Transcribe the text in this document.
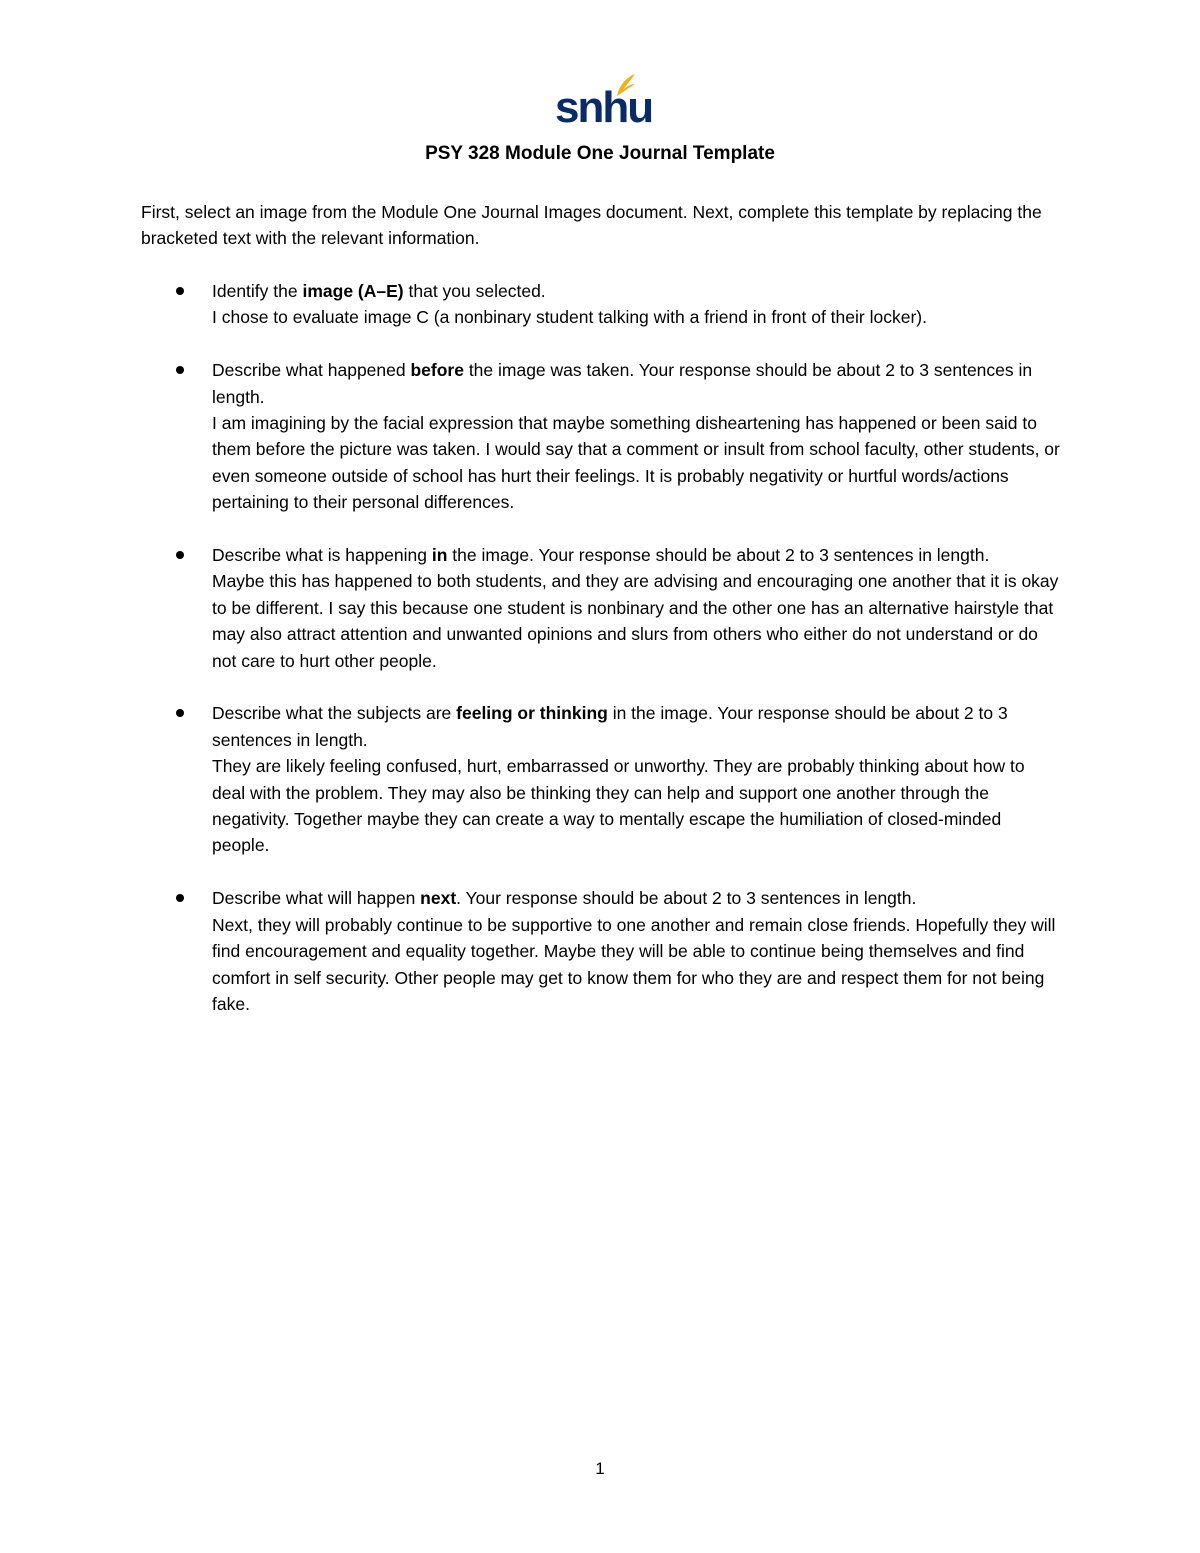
snhu
PSY 328 Module One Journal Template
First, select an image from the Module One Journal Images document. Next, complete this template by replacing the bracketed text with the relevant information.
Identify the image (A–E) that you selected.
I chose to evaluate image C (a nonbinary student talking with a friend in front of their locker).
Describe what happened before the image was taken. Your response should be about 2 to 3 sentences in length.
I am imagining by the facial expression that maybe something disheartening has happened or been said to them before the picture was taken. I would say that a comment or insult from school faculty, other students, or even someone outside of school has hurt their feelings. It is probably negativity or hurtful words/actions pertaining to their personal differences.
Describe what is happening in the image. Your response should be about 2 to 3 sentences in length.
Maybe this has happened to both students, and they are advising and encouraging one another that it is okay to be different. I say this because one student is nonbinary and the other one has an alternative hairstyle that may also attract attention and unwanted opinions and slurs from others who either do not understand or do not care to hurt other people.
Describe what the subjects are feeling or thinking in the image. Your response should be about 2 to 3 sentences in length.
They are likely feeling confused, hurt, embarrassed or unworthy. They are probably thinking about how to deal with the problem. They may also be thinking they can help and support one another through the negativity. Together maybe they can create a way to mentally escape the humiliation of closed-minded people.
Describe what will happen next. Your response should be about 2 to 3 sentences in length.
Next, they will probably continue to be supportive to one another and remain close friends. Hopefully they will find encouragement and equality together. Maybe they will be able to continue being themselves and find comfort in self security. Other people may get to know them for who they are and respect them for not being fake.
1
